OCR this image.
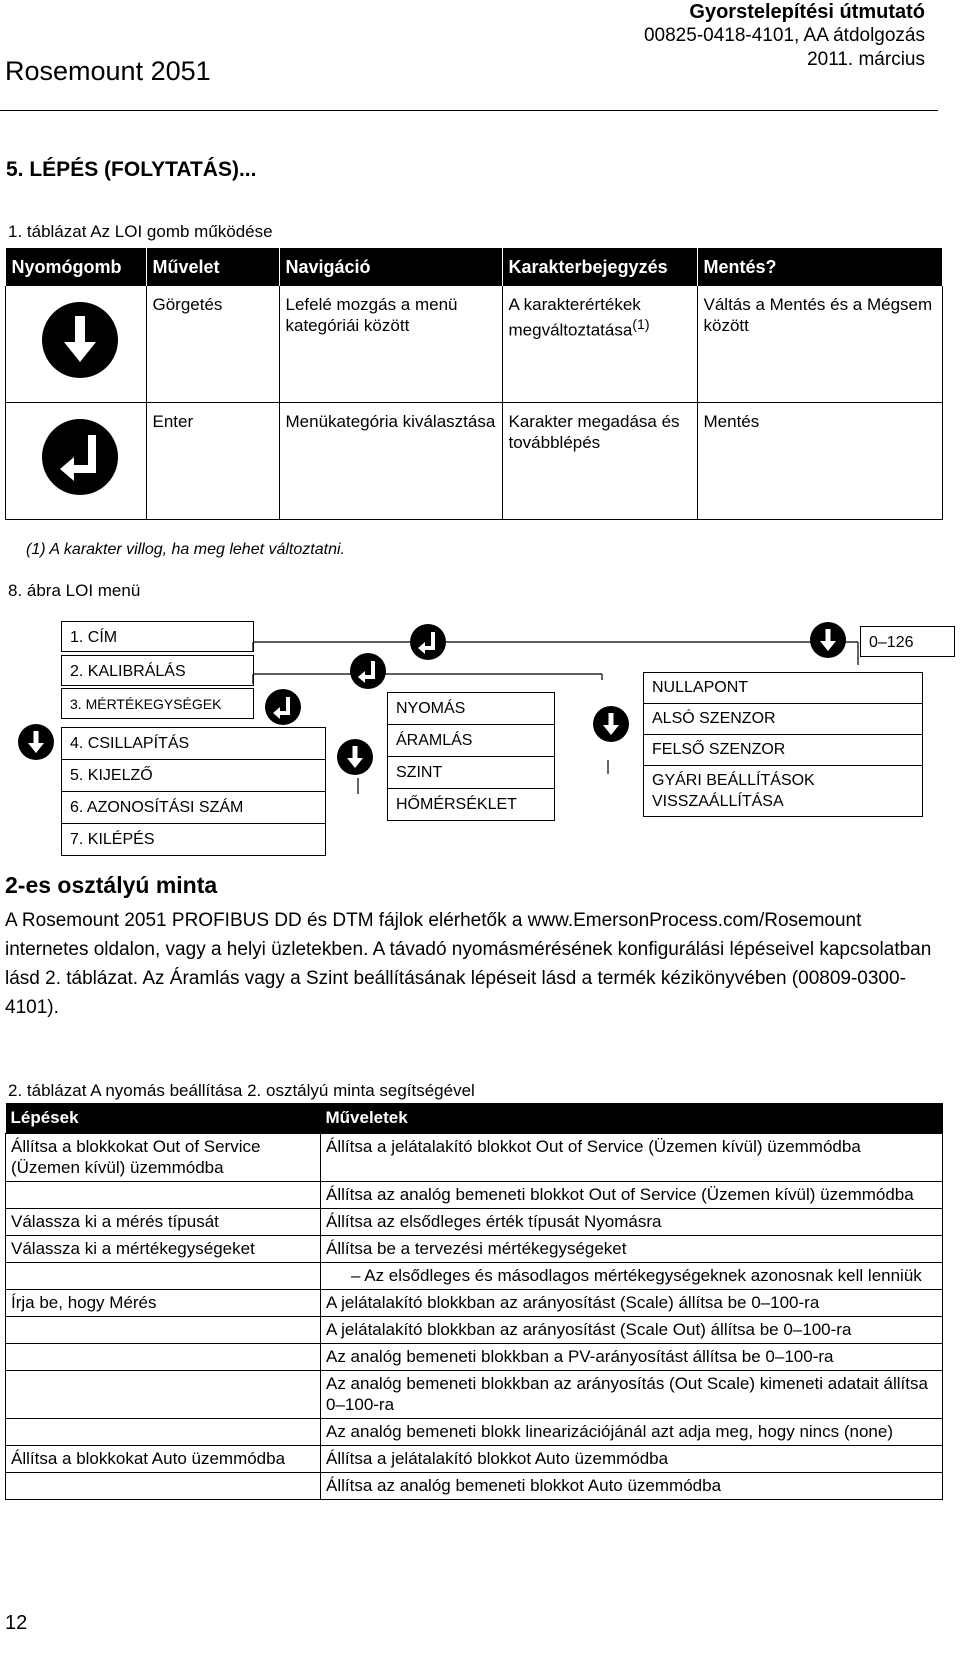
Gyorstelepítési útmutató
00825-0418-4101, AA átdolgozás
2011. március
Rosemount 2051
5. LÉPÉS (FOLYTATÁS)...
1. táblázat Az LOI gomb működése
Nyomógomb	Művelet	Navigáció	Karakterbejegyzés	Mentés?

	Görgetés	Lefelé mozgás a menü kategóriái között	A karakterértékek megváltoztatása$^{(1)}$	Váltás a Mentés és a Mégsem között

	Enter	Menükategória kiválasztása	Karakter megadása és továbblépés	Mentés
(1) A karakter villog, ha meg lehet változtatni.
8. ábra LOI menü
1. CÍM
2. KALIBRÁLÁS
3. MÉRTÉKEGYSÉGEK
4. CSILLAPÍTÁS
5. KIJELZŐ
6. AZONOSÍTÁSI SZÁM
7. KILÉPÉS
NYOMÁS
ÁRAMLÁS
SZINT
HŐMÉRSÉKLET
NULLAPONT
ALSÓ SZENZOR
FELSŐ SZENZOR
GYÁRI BEÁLLÍTÁSOK VISSZAÁLLÍTÁSA
0–126
2-es osztályú minta
A Rosemount 2051 PROFIBUS DD és DTM fájlok elérhetők a www.EmersonProcess.com/Rosemount internetes oldalon, vagy a helyi üzletekben. A távadó nyomásmérésének konfigurálási lépéseivel kapcsolatban lásd 2. táblázat. Az Áramlás vagy a Szint beállításának lépéseit lásd a termék kézikönyvében (00809-0300-4101).
2. táblázat A nyomás beállítása 2. osztályú minta segítségével
Lépések	Műveletek
Állítsa a blokkokat Out of Service (Üzemen kívül) üzemmódba	Állítsa a jelátalakító blokkot Out of Service (Üzemen kívül) üzemmódba
	Állítsa az analóg bemeneti blokkot Out of Service (Üzemen kívül) üzemmódba
Válassza ki a mérés típusát	Állítsa az elsődleges érték típusát Nyomásra
Válassza ki a mértékegységeket	Állítsa be a tervezési mértékegységeket
	– Az elsődleges és másodlagos mértékegységeknek azonosnak kell lenniük
Írja be, hogy Mérés	A jelátalakító blokkban az arányosítást (Scale) állítsa be 0–100-ra
	A jelátalakító blokkban az arányosítást (Scale Out) állítsa be 0–100-ra
	Az analóg bemeneti blokkban a PV-arányosítást állítsa be 0–100-ra
	Az analóg bemeneti blokkban az arányosítás (Out Scale) kimeneti adatait állítsa 0–100-ra
	Az analóg bemeneti blokk linearizációjánál azt adja meg, hogy nincs (none)
Állítsa a blokkokat Auto üzemmódba	Állítsa a jelátalakító blokkot Auto üzemmódba
	Állítsa az analóg bemeneti blokkot Auto üzemmódba
12
